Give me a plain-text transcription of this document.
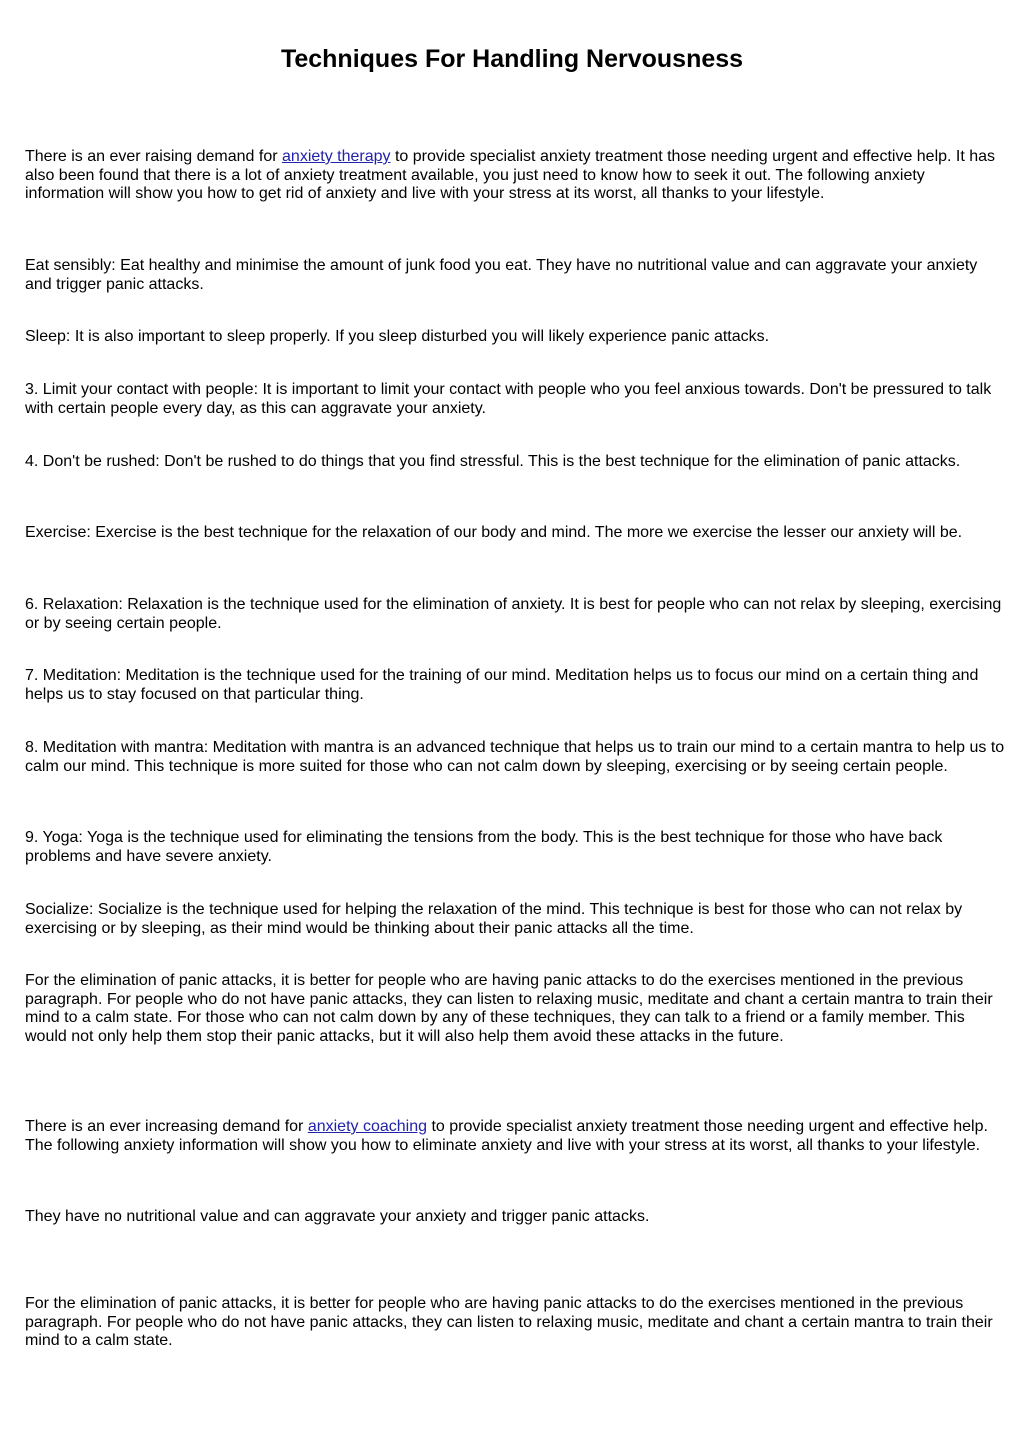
Techniques For Handling Nervousness

There is an ever raising demand for anxiety therapy to provide specialist anxiety treatment those needing urgent and effective help. It has also been found that there is a lot of anxiety treatment available, you just need to know how to seek it out. The following anxiety information will show you how to get rid of anxiety and live with your stress at its worst, all thanks to your lifestyle.

Eat sensibly: Eat healthy and minimise the amount of junk food you eat. They have no nutritional value and can aggravate your anxiety and trigger panic attacks.

Sleep: It is also important to sleep properly. If you sleep disturbed you will likely experience panic attacks.

3. Limit your contact with people: It is important to limit your contact with people who you feel anxious towards. Don't be pressured to talk with certain people every day, as this can aggravate your anxiety.

4. Don't be rushed: Don't be rushed to do things that you find stressful. This is the best technique for the elimination of panic attacks.

Exercise: Exercise is the best technique for the relaxation of our body and mind. The more we exercise the lesser our anxiety will be.

6. Relaxation: Relaxation is the technique used for the elimination of anxiety. It is best for people who can not relax by sleeping, exercising or by seeing certain people.

7. Meditation: Meditation is the technique used for the training of our mind. Meditation helps us to focus our mind on a certain thing and helps us to stay focused on that particular thing.

8. Meditation with mantra: Meditation with mantra is an advanced technique that helps us to train our mind to a certain mantra to help us to calm our mind. This technique is more suited for those who can not calm down by sleeping, exercising or by seeing certain people.

9. Yoga: Yoga is the technique used for eliminating the tensions from the body. This is the best technique for those who have back problems and have severe anxiety.

Socialize: Socialize is the technique used for helping the relaxation of the mind. This technique is best for those who can not relax by exercising or by sleeping, as their mind would be thinking about their panic attacks all the time.

For the elimination of panic attacks, it is better for people who are having panic attacks to do the exercises mentioned in the previous paragraph. For people who do not have panic attacks, they can listen to relaxing music, meditate and chant a certain mantra to train their mind to a calm state. For those who can not calm down by any of these techniques, they can talk to a friend or a family member. This would not only help them stop their panic attacks, but it will also help them avoid these attacks in the future.

There is an ever increasing demand for anxiety coaching to provide specialist anxiety treatment those needing urgent and effective help. The following anxiety information will show you how to eliminate anxiety and live with your stress at its worst, all thanks to your lifestyle.

They have no nutritional value and can aggravate your anxiety and trigger panic attacks.

For the elimination of panic attacks, it is better for people who are having panic attacks to do the exercises mentioned in the previous paragraph. For people who do not have panic attacks, they can listen to relaxing music, meditate and chant a certain mantra to train their mind to a calm state.
